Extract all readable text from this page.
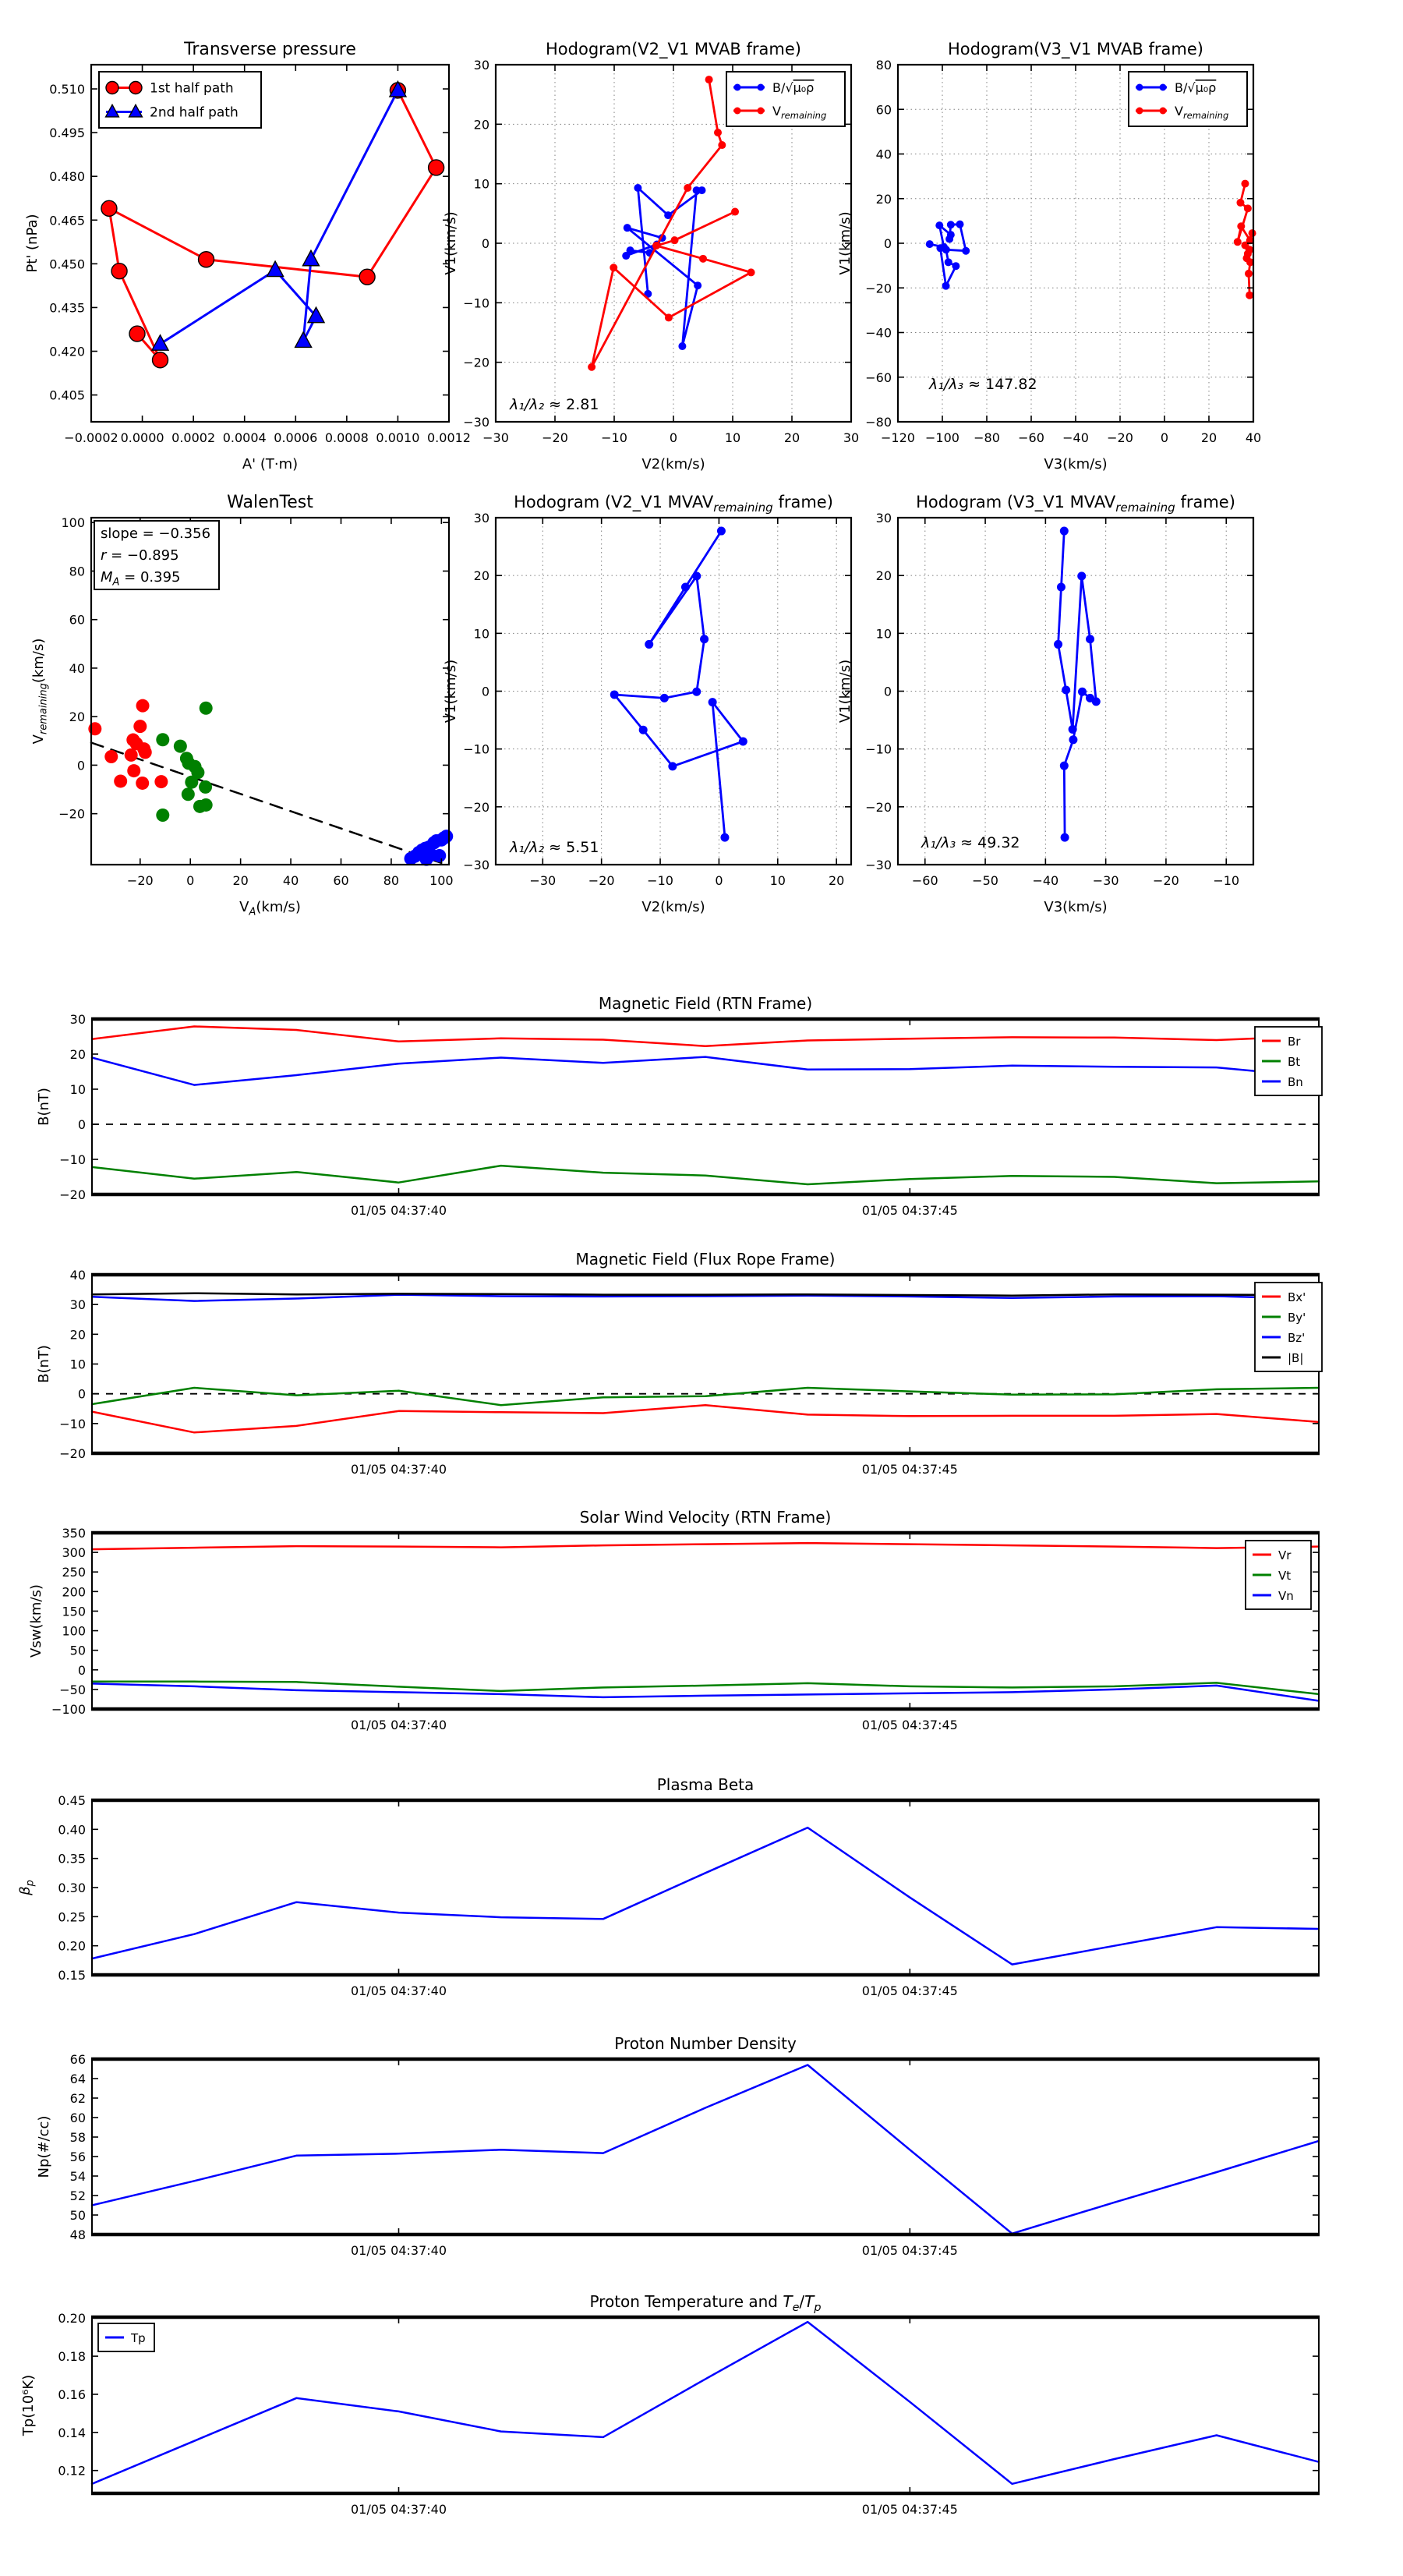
−0.0002 0.0000 0.0002 0.0004 0.0006 0.0008 0.0010 0.0012
0.405
0.420
0.435
0.450
0.465
0.480
0.495
0.510
Transverse pressure
A' (T·m)
Pt' (nPa)
1st half path
2nd half path
−30	−20	−10	0	10	20	30
−30
−20
−10
0
10
20
30
Hodogram(V2_V1 MVAB frame)
V2(km/s)
V1(km/s)
B/√μ₀ρ
$V_{remaining}$
λ₁/λ₂ ≈ 2.81
−120 −100 −80 −60 −40 −20 0	20 40
−80
−60
−40
−20
0
20
40
60
80
Hodogram(V3_V1 MVAB frame)
V3(km/s)
V1(km/s)
B/√μ₀ρ
$V_{remaining}$
λ₁/λ₃ ≈ 147.82
−20	0	20	40	60	80 100
−20
0
20
40
60
80
100
WalenTest
$V_A(km/s)$
$V_{remaining}(km/s)$
slope = −0.356
r = −0.895
$M_A = 0.395$
−30	−20	−10	0	10	20
−30
−20
−10
0
10
20
30
Hodogram (V2_V1 $MVAV_{remaining}$ frame)
V2(km/s)
V1(km/s)
λ₁/λ₂ ≈ 5.51
−60	−50	−40	−30	−20	−10
−30
−20
−10
0
10
20
30
Hodogram (V3_V1 $MVAV_{remaining}$ frame)
V3(km/s)
V1(km/s)
λ₁/λ₃ ≈ 49.32
01/05 04:37:40	01/05 04:37:45
−20
−10
0
10
20
30
Magnetic Field (RTN Frame)
B(nT)
Br
Bt
Bn
01/05 04:37:40	01/05 04:37:45
−20
−10
0
10
20
30
40
Magnetic Field (Flux Rope Frame)
B(nT)
Bx'
By'
Bz'
|B|
01/05 04:37:40	01/05 04:37:45
−100
−50
0
50
100
150
200
250
300
350
Solar Wind Velocity (RTN Frame)
Vsw(km/s)
Vr
Vt
Vn
01/05 04:37:40	01/05 04:37:45
0.15
0.20
0.25
0.30
0.35
0.40
0.45
Plasma Beta
$\beta_p$
01/05 04:37:40	01/05 04:37:45
48
50
52
54
56
58
60
62
64
66
Proton Number Density
Np(#/cc)
01/05 04:37:40	01/05 04:37:45
0.12
0.14
0.16
0.18
0.20
Proton Temperature and $T_e/T_p$
Tp(10⁶K)
Tp
